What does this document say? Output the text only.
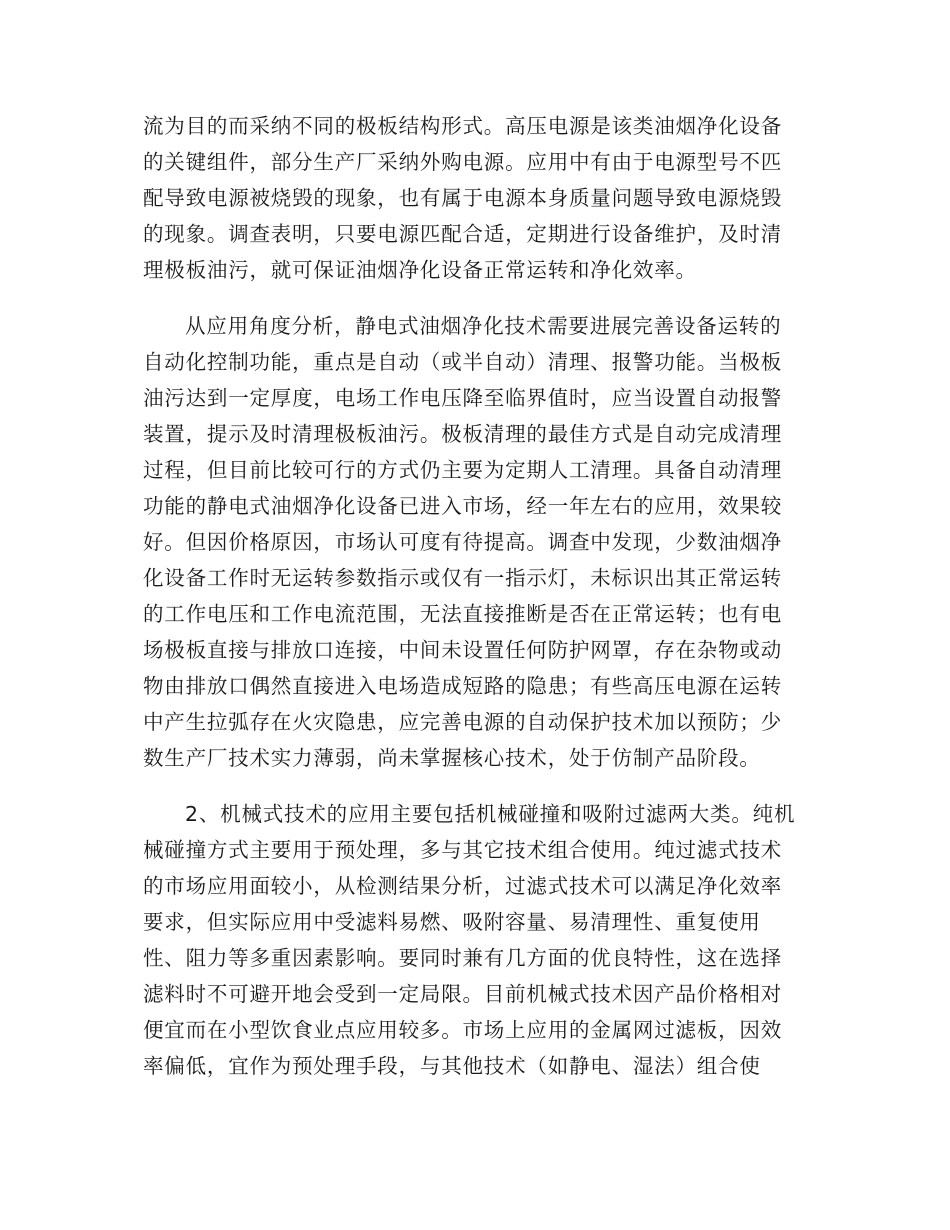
流为目的而采纳不同的极板结构形式。高压电源是该类油烟净化设备
的关键组件，部分生产厂采纳外购电源。应用中有由于电源型号不匹
配导致电源被烧毁的现象，也有属于电源本身质量问题导致电源烧毁
的现象。调查表明，只要电源匹配合适，定期进行设备维护，及时清
理极板油污，就可保证油烟净化设备正常运转和净化效率。

从应用角度分析，静电式油烟净化技术需要进展完善设备运转的
自动化控制功能，重点是自动（或半自动）清理、报警功能。当极板
油污达到一定厚度，电场工作电压降至临界值时，应当设置自动报警
装置，提示及时清理极板油污。极板清理的最佳方式是自动完成清理
过程，但目前比较可行的方式仍主要为定期人工清理。具备自动清理
功能的静电式油烟净化设备已进入市场，经一年左右的应用，效果较
好。但因价格原因，市场认可度有待提高。调查中发现，少数油烟净
化设备工作时无运转参数指示或仅有一指示灯，未标识出其正常运转
的工作电压和工作电流范围，无法直接推断是否在正常运转；也有电
场极板直接与排放口连接，中间未设置任何防护网罩，存在杂物或动
物由排放口偶然直接进入电场造成短路的隐患；有些高压电源在运转
中产生拉弧存在火灾隐患，应完善电源的自动保护技术加以预防；少
数生产厂技术实力薄弱，尚未掌握核心技术，处于仿制产品阶段。

2、机械式技术的应用主要包括机械碰撞和吸附过滤两大类。纯机
械碰撞方式主要用于预处理，多与其它技术组合使用。纯过滤式技术
的市场应用面较小，从检测结果分析，过滤式技术可以满足净化效率
要求，但实际应用中受滤料易燃、吸附容量、易清理性、重复使用
性、阻力等多重因素影响。要同时兼有几方面的优良特性，这在选择
滤料时不可避开地会受到一定局限。目前机械式技术因产品价格相对
便宜而在小型饮食业点应用较多。市场上应用的金属网过滤板，因效
率偏低，宜作为预处理手段，与其他技术（如静电、湿法）组合使
